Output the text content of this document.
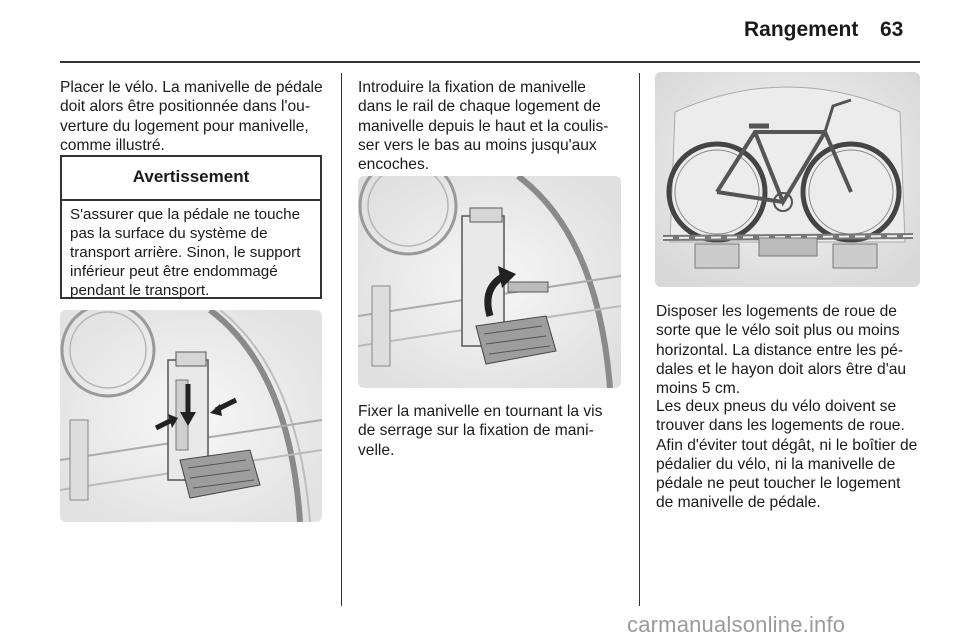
Rangement 63

Placer le vélo. La manivelle de pédale
doit alors être positionnée dans l'ou-
verture du logement pour manivelle,
comme illustré.

Avertissement
S'assurer que la pédale ne touche
pas la surface du système de
transport arrière. Sinon, le support
inférieur peut être endommagé
pendant le transport.

Introduire la fixation de manivelle
dans le rail de chaque logement de
manivelle depuis le haut et la coulis-
ser vers le bas au moins jusqu'aux
encoches.

Fixer la manivelle en tournant la vis
de serrage sur la fixation de mani-
velle.

Disposer les logements de roue de
sorte que le vélo soit plus ou moins
horizontal. La distance entre les pé-
dales et le hayon doit alors être d'au
moins 5 cm.

Les deux pneus du vélo doivent se
trouver dans les logements de roue.
Afin d'éviter tout dégât, ni le boîtier de
pédalier du vélo, ni la manivelle de
pédale ne peut toucher le logement
de manivelle de pédale.

carmanualsonline.info
